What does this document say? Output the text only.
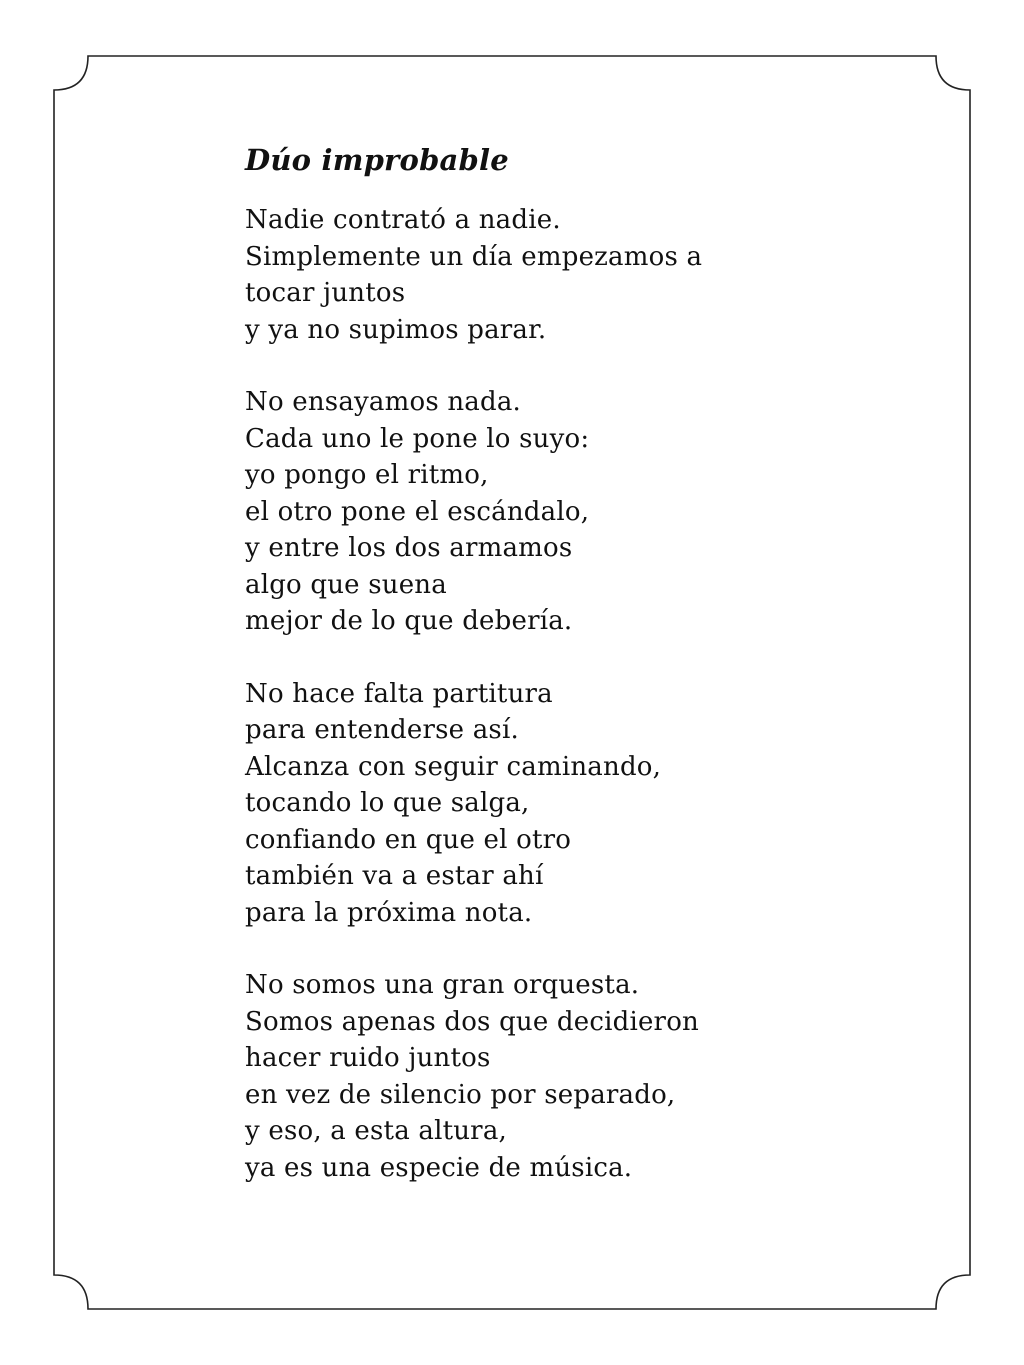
Dúo improbable
Nadie contrató a nadie.
Simplemente un día empezamos a
tocar juntos
y ya no supimos parar.
No ensayamos nada.
Cada uno le pone lo suyo:
yo pongo el ritmo,
el otro pone el escándalo,
y entre los dos armamos
algo que suena
mejor de lo que debería.
No hace falta partitura
para entenderse así.
Alcanza con seguir caminando,
tocando lo que salga,
confiando en que el otro
también va a estar ahí
para la próxima nota.
No somos una gran orquesta.
Somos apenas dos que decidieron
hacer ruido juntos
en vez de silencio por separado,
y eso, a esta altura,
ya es una especie de música.
